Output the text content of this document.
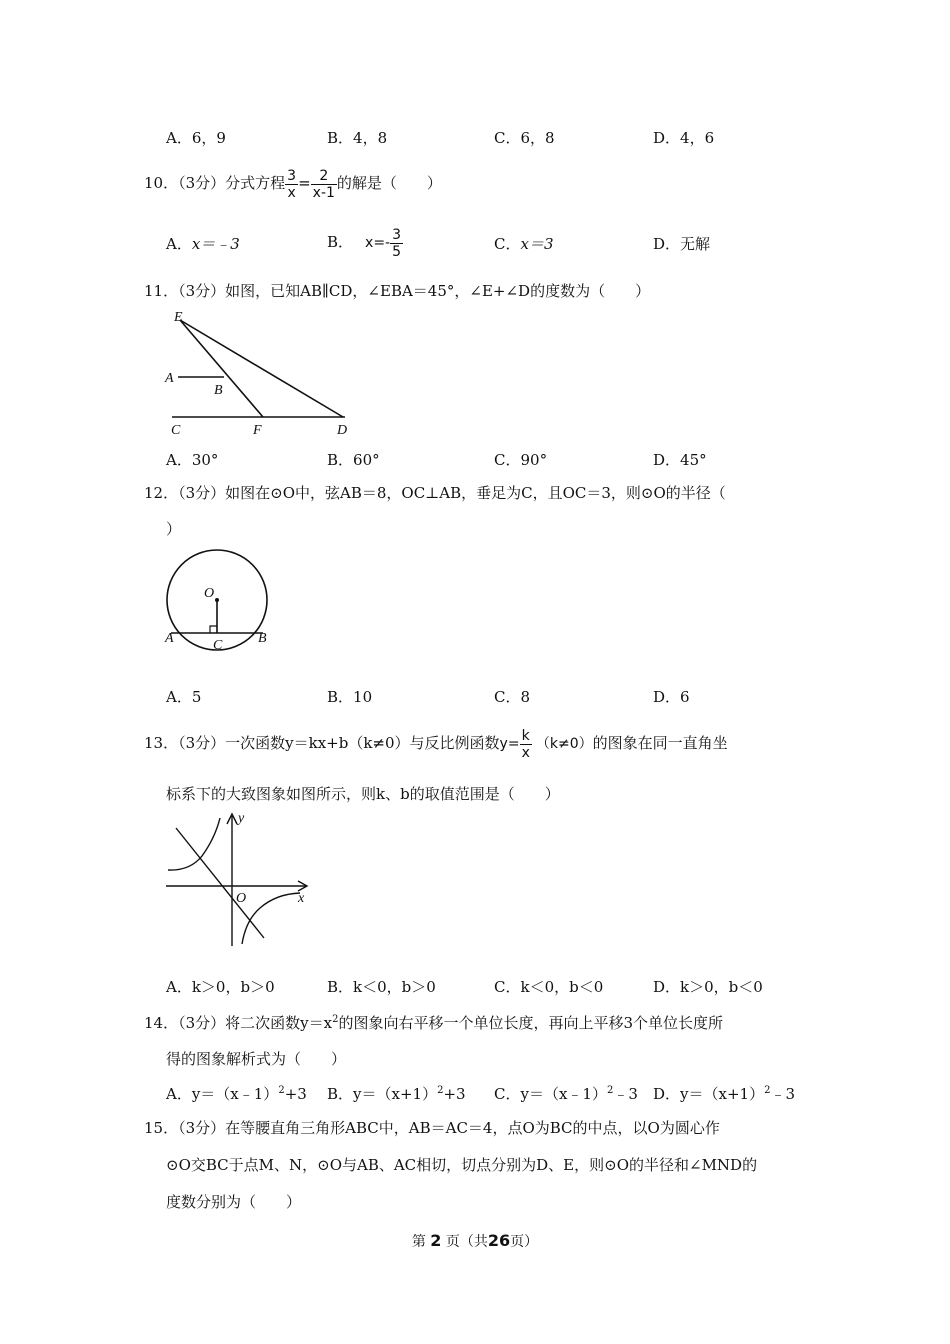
A．6，9	B．4，8	C．6，8	D．4，6
10．（3分）分式方程 $\frac{3}{x} = \frac{2}{x-1}$ 的解是（　　）
A．x＝﹣3	B． $x=- \frac{3}{5}$	C．x＝3	D．无解
11．（3分）如图，已知AB∥CD，∠EBA＝45°，∠E+∠D的度数为（　　）
E
A
B
C	F	D
A．30°	B．60°	C．90°	D．45°
12．（3分）如图在⊙O中，弦AB＝8，OC⊥AB，垂足为C，且OC＝3，则⊙O的半径（
）
O
A	C	B
A．5	B．10	C．8	D．6
13．（3分）一次函数y＝kx+b（k≠0）与反比例函数$y= \frac{k}{x} (k\ne 0)$的图象在同一直角坐
标系下的大致图象如图所示，则k、b的取值范围是（　　）
y
O	x
A．k＞0，b＞0	B．k＜0，b＞0	C．k＜0，b＜0	D．k＞0，b＜0
14．（3分）将二次函数$y=x^2$的图象向右平移一个单位长度，再向上平移3个单位长度所
得的图象解析式为（　　）
A．y＝（x﹣1）$^2$+3 B．$y=(x+1)^2+3$ C．y＝（x﹣1）$^2$﹣3 D．$y=(x+1)^2﹣3$
15．（3分）在等腰直角三角形ABC中，AB＝AC＝4，点O为BC的中点，以O为圆心作
⊙O交BC于点M、N，⊙O与AB、AC相切，切点分别为D、E，则⊙O的半径和∠MND的
度数分别为（　　）
第 2 页（共26页）
